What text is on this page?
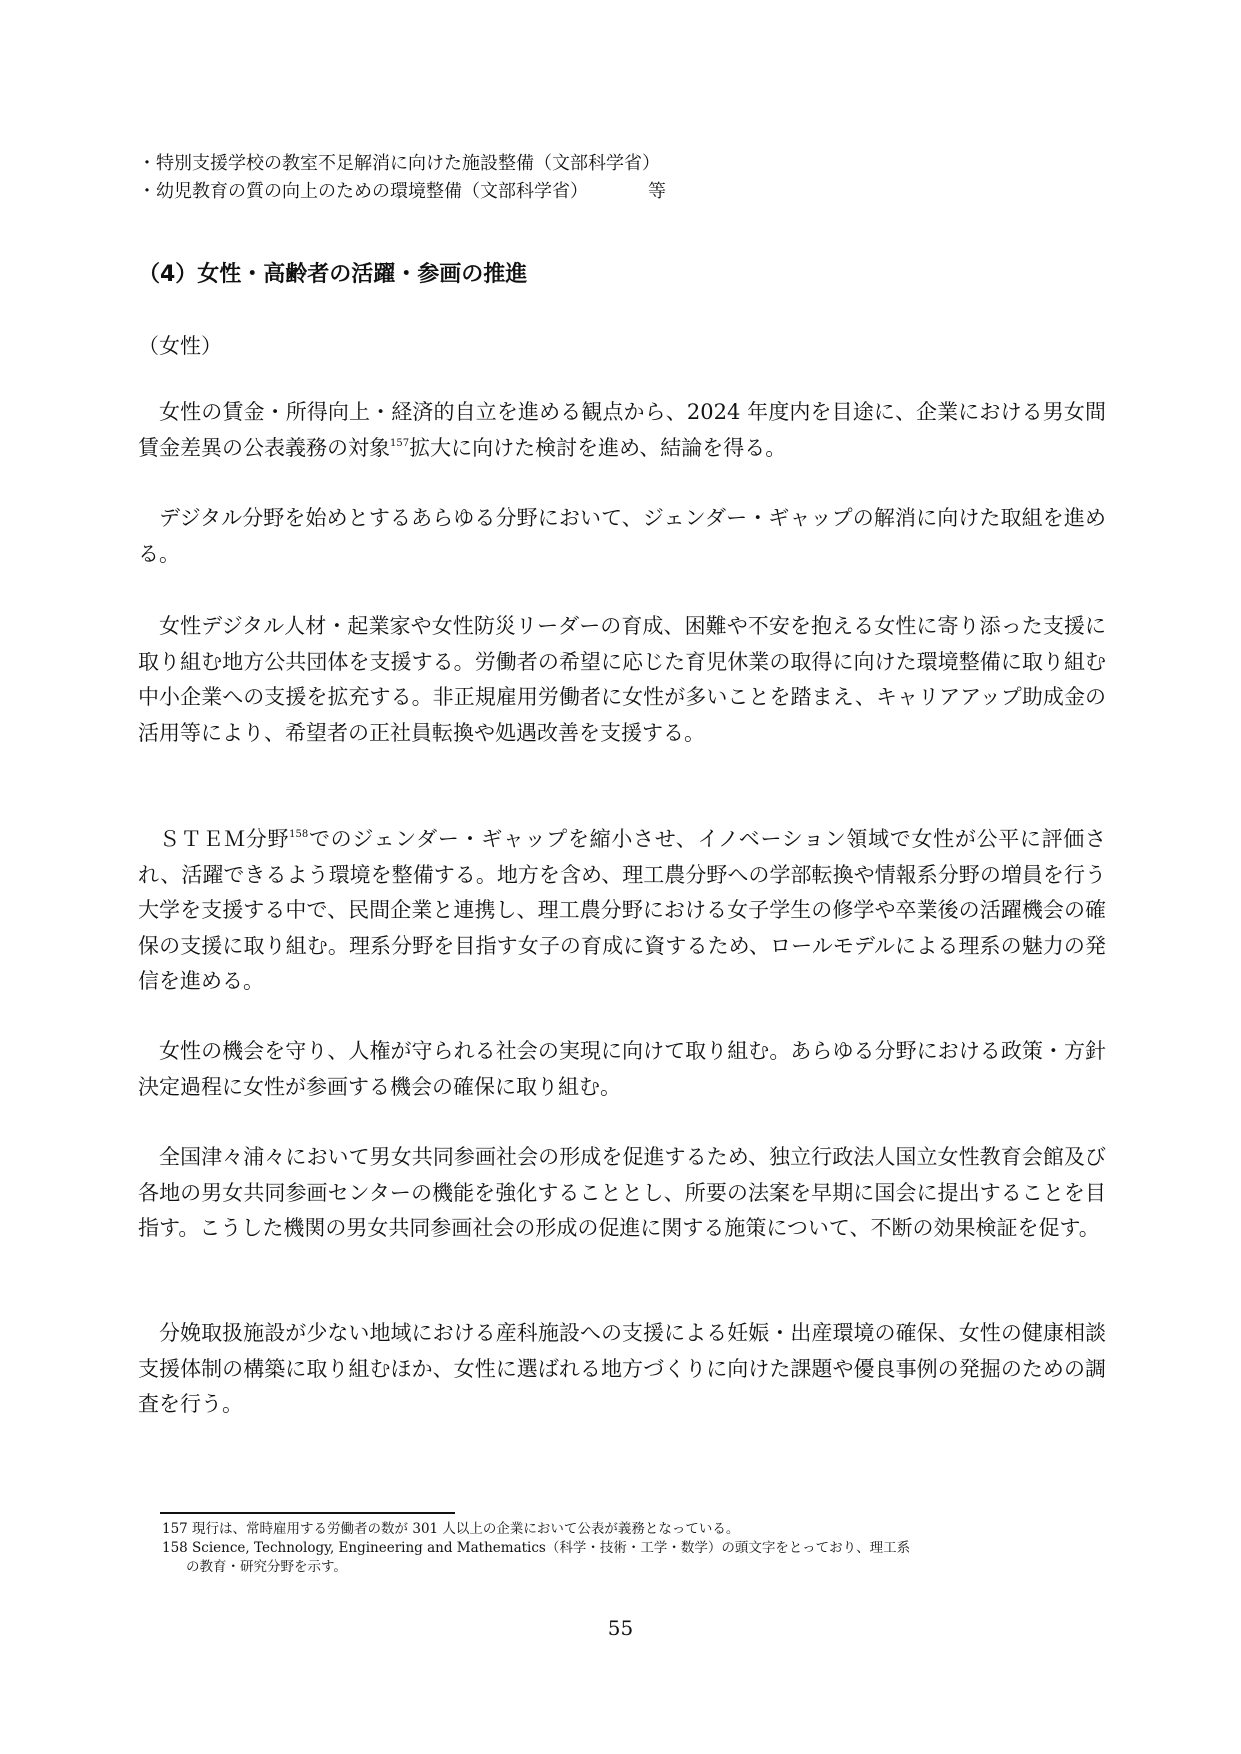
・特別支援学校の教室不足解消に向けた施設整備（文部科学省）
・幼児教育の質の向上のための環境整備（文部科学省）	等
（4）女性・高齢者の活躍・参画の推進
（女性）

女性の賃金・所得向上・経済的自立を進める観点から、2024 年度内を目途に、企業における男女間賃金差異の公表義務の対象$^{157}$拡大に向けた検討を進め、結論を得る。

デジタル分野を始めとするあらゆる分野において、ジェンダー・ギャップの解消に向けた取組を進める。

女性デジタル人材・起業家や女性防災リーダーの育成、困難や不安を抱える女性に寄り添った支援に取り組む地方公共団体を支援する。労働者の希望に応じた育児休業の取得に向けた環境整備に取り組む中小企業への支援を拡充する。非正規雇用労働者に女性が多いことを踏まえ、キャリアアップ助成金の活用等により、希望者の正社員転換や処遇改善を支援する。

ＳＴＥＭ分野$^{158}$でのジェンダー・ギャップを縮小させ、イノベーション領域で女性が公平に評価され、活躍できるよう環境を整備する。地方を含め、理工農分野への学部転換や情報系分野の増員を行う大学を支援する中で、民間企業と連携し、理工農分野における女子学生の修学や卒業後の活躍機会の確保の支援に取り組む。理系分野を目指す女子の育成に資するため、ロールモデルによる理系の魅力の発信を進める。

女性の機会を守り、人権が守られる社会の実現に向けて取り組む。あらゆる分野における政策・方針決定過程に女性が参画する機会の確保に取り組む。

全国津々浦々において男女共同参画社会の形成を促進するため、独立行政法人国立女性教育会館及び各地の男女共同参画センターの機能を強化することとし、所要の法案を早期に国会に提出することを目指す。こうした機関の男女共同参画社会の形成の促進に関する施策について、不断の効果検証を促す。

分娩取扱施設が少ない地域における産科施設への支援による妊娠・出産環境の確保、女性の健康相談支援体制の構築に取り組むほか、女性に選ばれる地方づくりに向けた課題や優良事例の発掘のための調査を行う。

157 現行は、常時雇用する労働者の数が 301 人以上の企業において公表が義務となっている。
158 Science, Technology, Engineering and Mathematics（科学・技術・工学・数学）の頭文字をとっており、理工系
の教育・研究分野を示す。
55
